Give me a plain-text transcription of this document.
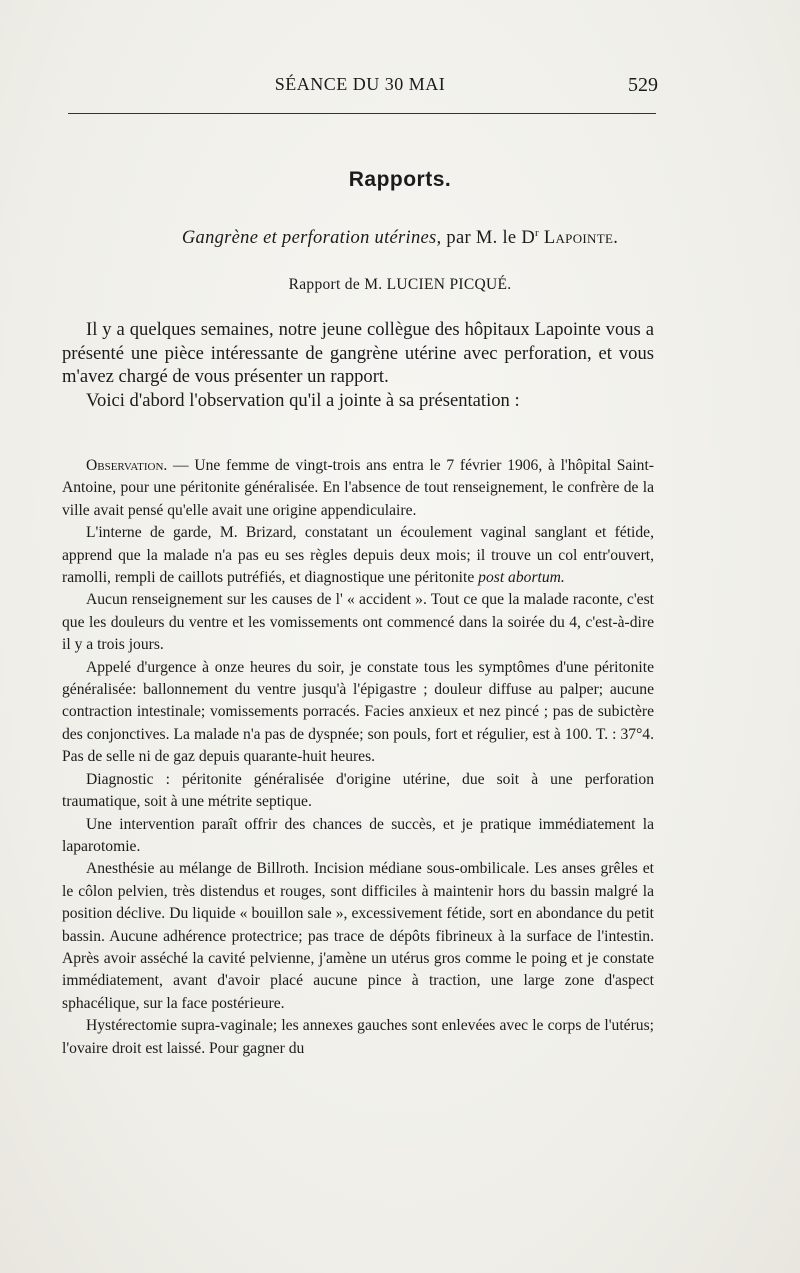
SÉANCE DU 30 MAI	529
Rapports.
Gangrène et perforation utérines, par M. le $D^r$ Lapointe.
Rapport de M. LUCIEN PICQUÉ.

Il y a quelques semaines, notre jeune collègue des hôpitaux Lapointe vous a présenté une pièce intéressante de gangrène utérine avec perforation, et vous m'avez chargé de vous présenter un rapport.

Voici d'abord l'observation qu'il a jointe à sa présentation :

Observation. — Une femme de vingt-trois ans entra le 7 février 1906, à l'hôpital Saint-Antoine, pour une péritonite généralisée. En l'absence de tout renseignement, le confrère de la ville avait pensé qu'elle avait une origine appendiculaire.

L'interne de garde, M. Brizard, constatant un écoulement vaginal sanglant et fétide, apprend que la malade n'a pas eu ses règles depuis deux mois; il trouve un col entr'ouvert, ramolli, rempli de caillots putréfiés, et diagnostique une péritonite post abortum.

Aucun renseignement sur les causes de l' « accident ». Tout ce que la malade raconte, c'est que les douleurs du ventre et les vomissements ont commencé dans la soirée du 4, c'est-à-dire il y a trois jours.

Appelé d'urgence à onze heures du soir, je constate tous les symptômes d'une péritonite généralisée: ballonnement du ventre jusqu'à l'épigastre ; douleur diffuse au palper; aucune contraction intestinale; vomissements porracés. Facies anxieux et nez pincé ; pas de subictère des conjonctives. La malade n'a pas de dyspnée; son pouls, fort et régulier, est à 100. T. : 37°4. Pas de selle ni de gaz depuis quarante-huit heures.

Diagnostic : péritonite généralisée d'origine utérine, due soit à une perforation traumatique, soit à une métrite septique.

Une intervention paraît offrir des chances de succès, et je pratique immédiatement la laparotomie.

Anesthésie au mélange de Billroth. Incision médiane sous-ombilicale. Les anses grêles et le côlon pelvien, très distendus et rouges, sont difficiles à maintenir hors du bassin malgré la position déclive. Du liquide « bouillon sale », excessivement fétide, sort en abondance du petit bassin. Aucune adhérence protectrice; pas trace de dépôts fibrineux à la surface de l'intestin. Après avoir asséché la cavité pelvienne, j'amène un utérus gros comme le poing et je constate immédiatement, avant d'avoir placé aucune pince à traction, une large zone d'aspect sphacélique, sur la face postérieure.

Hystérectomie supra-vaginale; les annexes gauches sont enlevées avec le corps de l'utérus; l'ovaire droit est laissé. Pour gagner du
